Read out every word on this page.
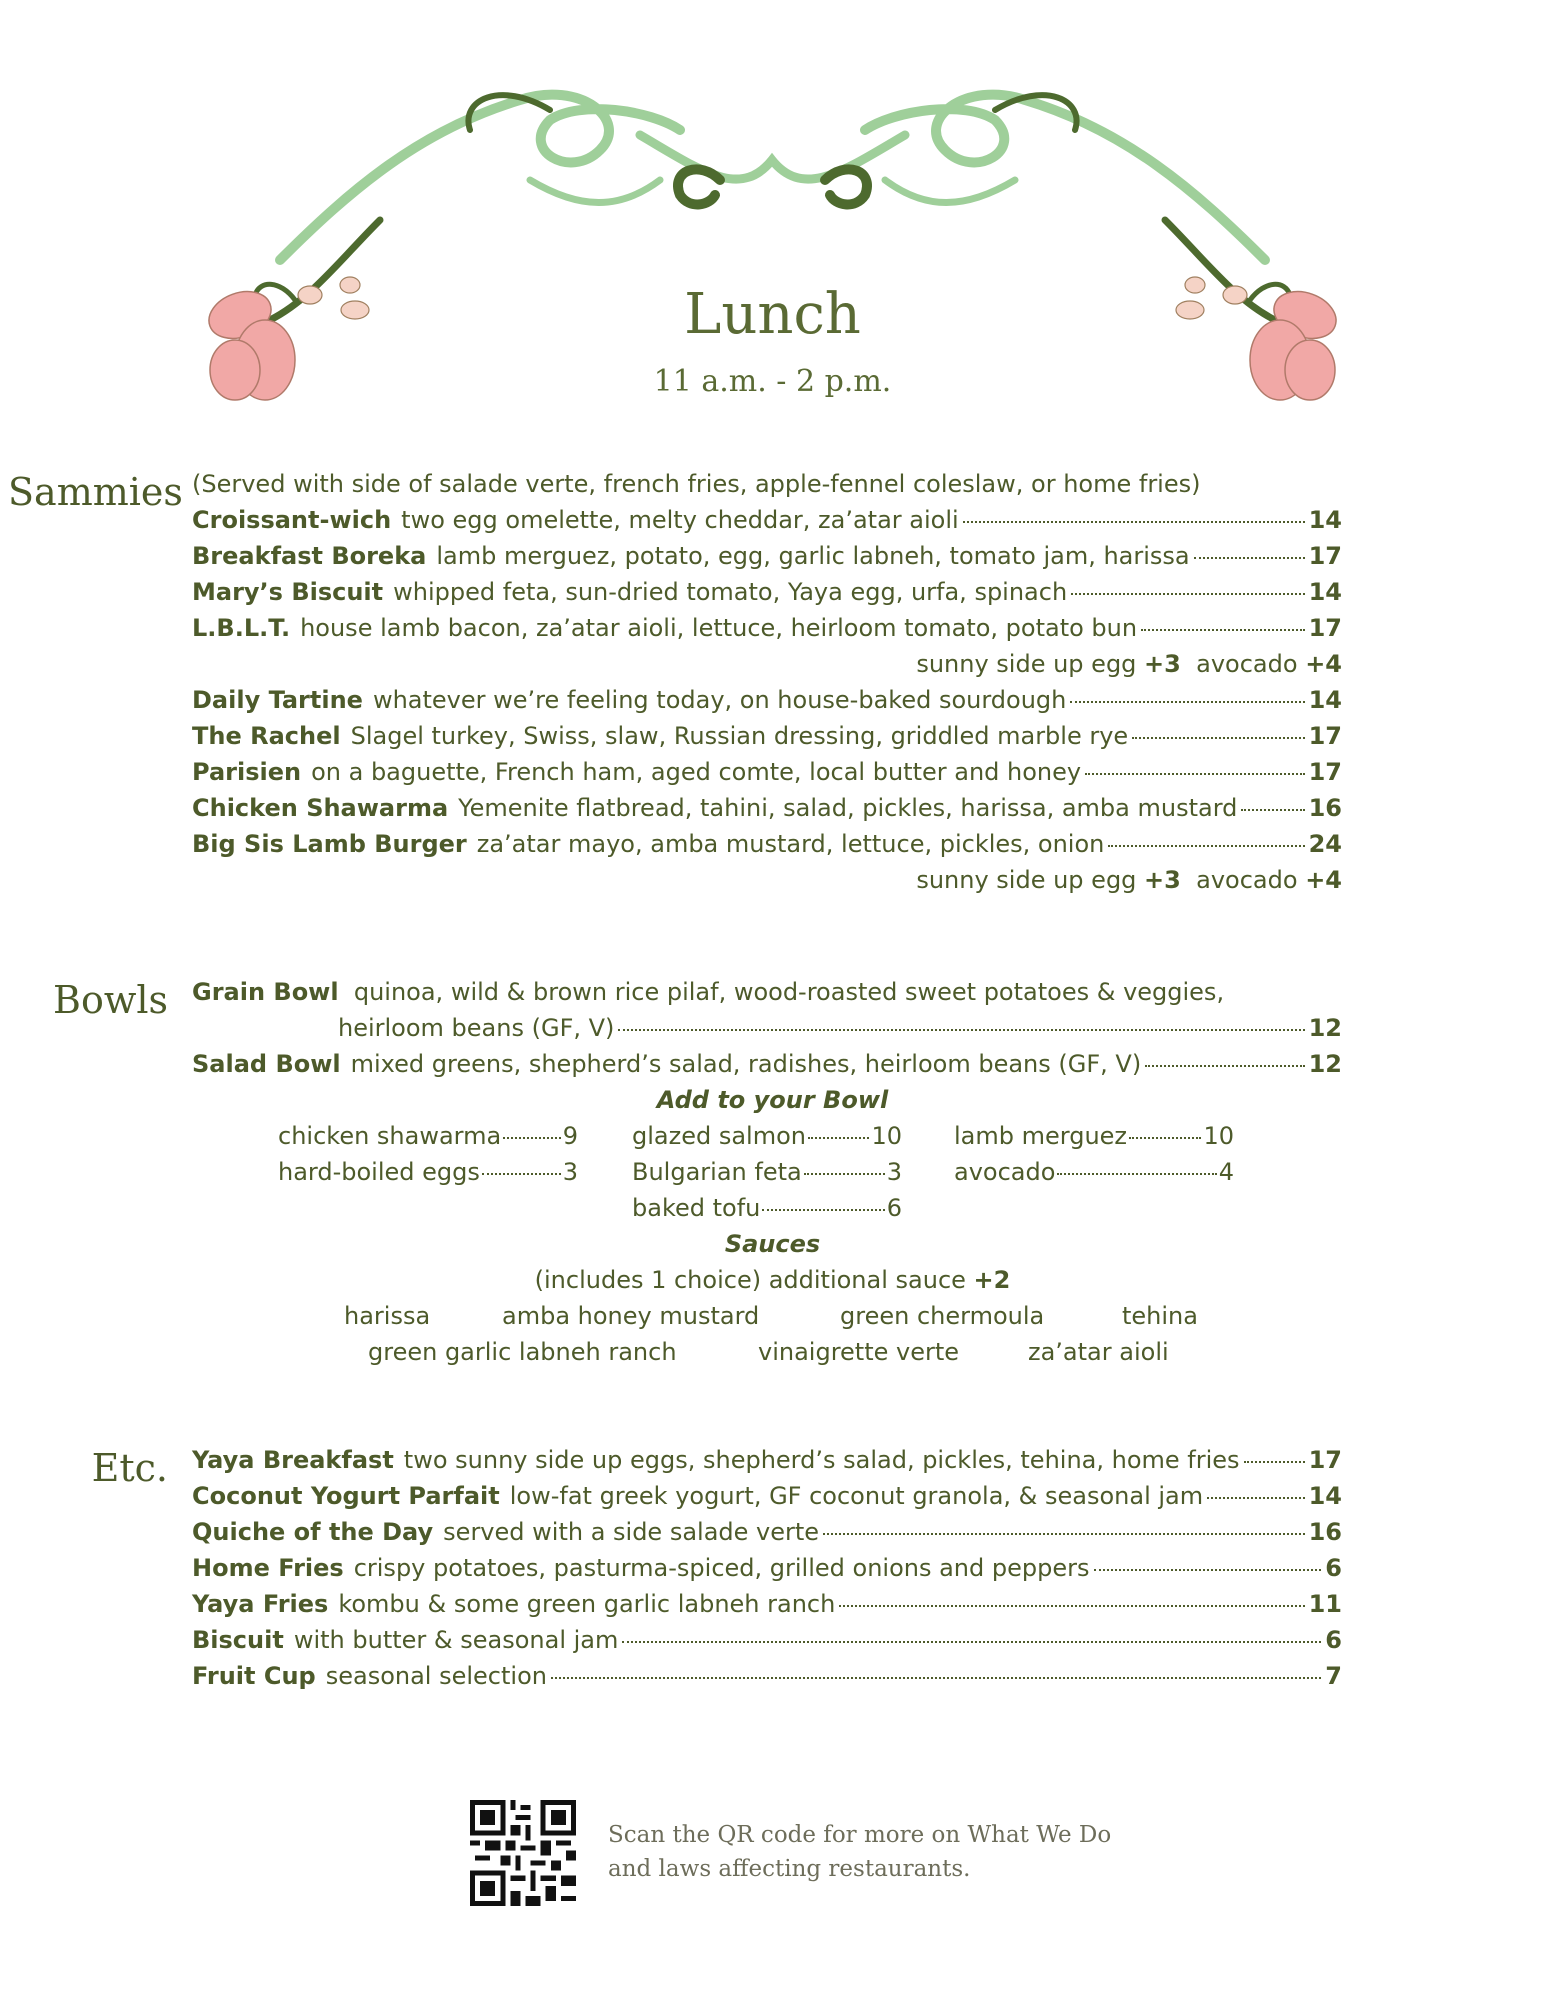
Lunch
11 a.m. - 2 p.m.
Sammies (Served with side of salade verte, french fries, apple-fennel coleslaw, or home fries)
Croissant-wich two egg omelette, melty cheddar, za’atar aioli	14
Breakfast Boreka lamb merguez, potato, egg, garlic labneh, tomato jam, harissa	17
Mary’s Biscuit whipped feta, sun-dried tomato, Yaya egg, urfa, spinach	14
L.B.L.T. house lamb bacon, za’atar aioli, lettuce, heirloom tomato, potato bun	17
sunny side up egg +3 avocado +4
Daily Tartine whatever we’re feeling today, on house-baked sourdough	14
The Rachel Slagel turkey, Swiss, slaw, Russian dressing, griddled marble rye	17
Parisien on a baguette, French ham, aged comte, local butter and honey	17
Chicken Shawarma Yemenite flatbread, tahini, salad, pickles, harissa, amba mustard	16
Big Sis Lamb Burger za’atar mayo, amba mustard, lettuce, pickles, onion	24
sunny side up egg +3 avocado +4
Bowls Grain Bowl quinoa, wild & brown rice pilaf, wood-roasted sweet potatoes & veggies,
heirloom beans (GF, V)	12
Salad Bowl mixed greens, shepherd’s salad, radishes, heirloom beans (GF, V)	12
Add to your Bowl
chicken shawarma	9 glazed salmon	10 lamb merguez	10
hard-boiled eggs	3 Bulgarian feta	3 avocado	4
baked tofu	6
Sauces
(includes 1 choice) additional sauce +2
harissa	amba honey mustard	green chermoula	tehina
green garlic labneh ranch	vinaigrette verte	za’atar aioli
Etc. Yaya Breakfast two sunny side up eggs, shepherd’s salad, pickles, tehina, home fries	17
Coconut Yogurt Parfait low-fat greek yogurt, GF coconut granola, & seasonal jam	14
Quiche of the Day served with a side salade verte	16
Home Fries crispy potatoes, pasturma-spiced, grilled onions and peppers	6
Yaya Fries kombu & some green garlic labneh ranch	11
Biscuit with butter & seasonal jam	6
Fruit Cup seasonal selection	7
Scan the QR code for more on What We Do
and laws affecting restaurants.
